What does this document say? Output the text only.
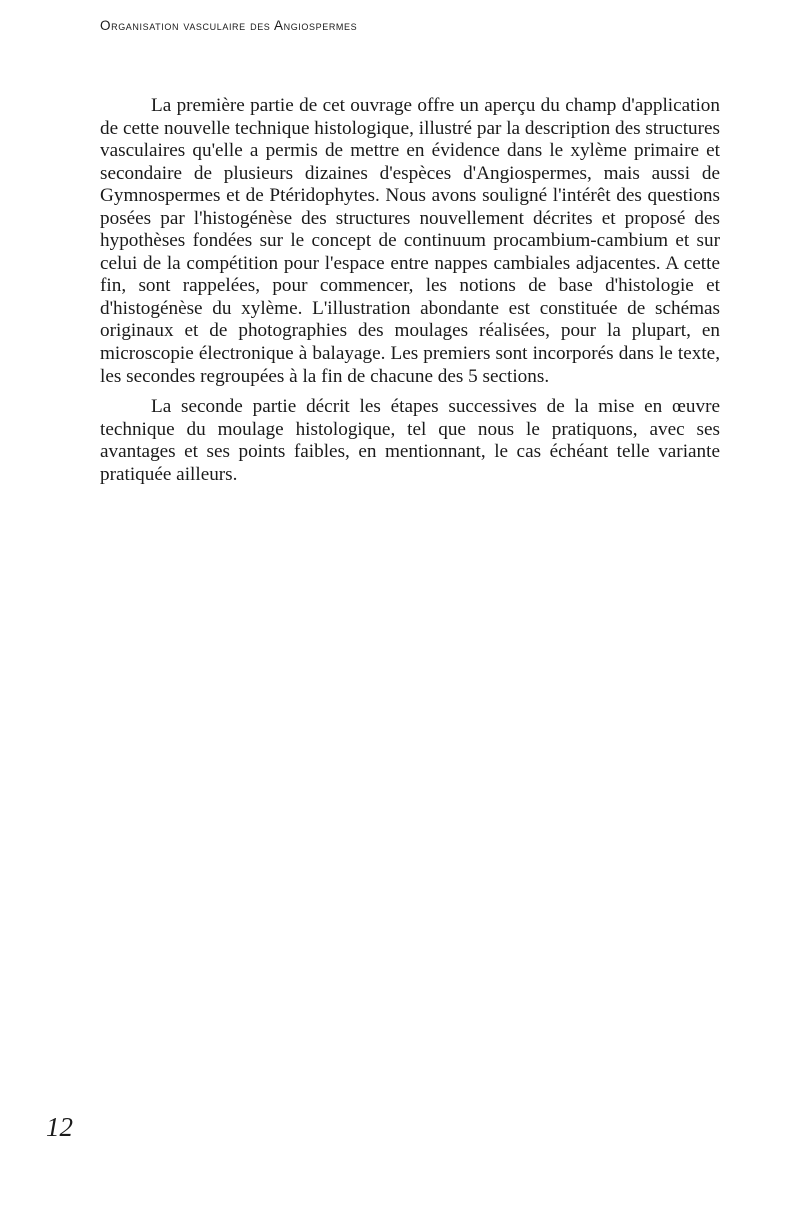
Organisation vasculaire des Angiospermes

La première partie de cet ouvrage offre un aperçu du champ d'application de cette nouvelle technique histologique, illustré par la description des structures vasculaires qu'elle a permis de mettre en évidence dans le xylème primaire et secondaire de plusieurs dizaines d'espèces d'Angiospermes, mais aussi de Gymnospermes et de Ptéridophytes. Nous avons souligné l'intérêt des questions posées par l'histogénèse des structures nouvellement décrites et proposé des hypothèses fondées sur le concept de continuum procambium-cambium et sur celui de la compétition pour l'espace entre nappes cambiales adjacentes. A cette fin, sont rappelées, pour commencer, les notions de base d'histologie et d'histogénèse du xylème. L'illustration abondante est constituée de schémas originaux et de photographies des moulages réalisées, pour la plupart, en microscopie électronique à balayage. Les premiers sont incorporés dans le texte, les secondes regroupées à la fin de chacune des 5 sections.

La seconde partie décrit les étapes successives de la mise en œuvre technique du moulage histologique, tel que nous le pratiquons, avec ses avantages et ses points faibles, en mentionnant, le cas échéant telle variante pratiquée ailleurs.

12
